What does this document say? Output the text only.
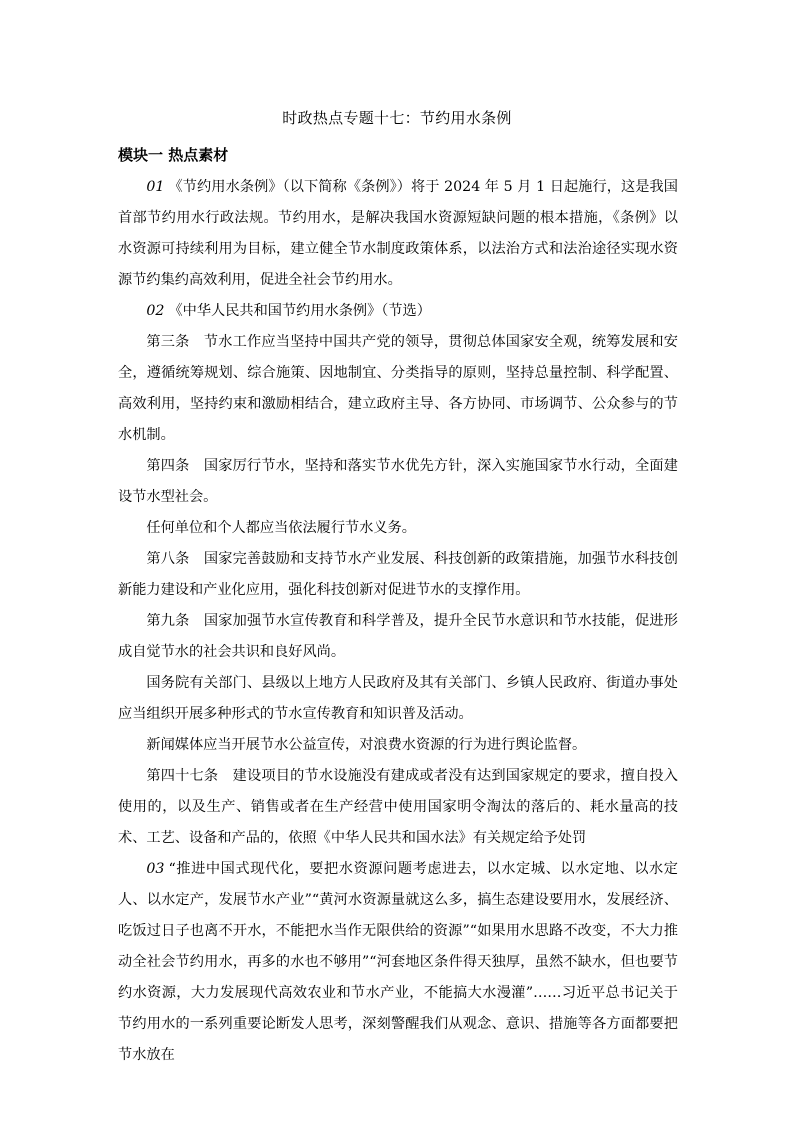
时政热点专题十七：节约用水条例
模块一 热点素材

01 《节约用水条例》（以下简称《条例》）将于 2024 年 5 月 1 日起施行，这是我国首部节约用水行政法规。节约用水，是解决我国水资源短缺问题的根本措施，《条例》以水资源可持续利用为目标，建立健全节水制度政策体系，以法治方式和法治途径实现水资源节约集约高效利用，促进全社会节约用水。

02 《中华人民共和国节约用水条例》（节选）

第三条　节水工作应当坚持中国共产党的领导，贯彻总体国家安全观，统筹发展和安全，遵循统筹规划、综合施策、因地制宜、分类指导的原则，坚持总量控制、科学配置、高效利用，坚持约束和激励相结合，建立政府主导、各方协同、市场调节、公众参与的节水机制。

第四条　国家厉行节水，坚持和落实节水优先方针，深入实施国家节水行动，全面建设节水型社会。

任何单位和个人都应当依法履行节水义务。

第八条　国家完善鼓励和支持节水产业发展、科技创新的政策措施，加强节水科技创新能力建设和产业化应用，强化科技创新对促进节水的支撑作用。

第九条　国家加强节水宣传教育和科学普及，提升全民节水意识和节水技能，促进形成自觉节水的社会共识和良好风尚。

国务院有关部门、县级以上地方人民政府及其有关部门、乡镇人民政府、街道办事处应当组织开展多种形式的节水宣传教育和知识普及活动。

新闻媒体应当开展节水公益宣传，对浪费水资源的行为进行舆论监督。

第四十七条　建设项目的节水设施没有建成或者没有达到国家规定的要求，擅自投入使用的，以及生产、销售或者在生产经营中使用国家明令淘汰的落后的、耗水量高的技术、工艺、设备和产品的，依照《中华人民共和国水法》有关规定给予处罚

03 “推进中国式现代化，要把水资源问题考虑进去，以水定城、以水定地、以水定人、以水定产，发展节水产业”“黄河水资源量就这么多，搞生态建设要用水，发展经济、吃饭过日子也离不开水，不能把水当作无限供给的资源”“如果用水思路不改变，不大力推动全社会节约用水，再多的水也不够用”“河套地区条件得天独厚，虽然不缺水，但也要节约水资源，大力发展现代高效农业和节水产业，不能搞大水漫灌”……习近平总书记关于节约用水的一系列重要论断发人思考，深刻警醒我们从观念、意识、措施等各方面都要把节水放在
